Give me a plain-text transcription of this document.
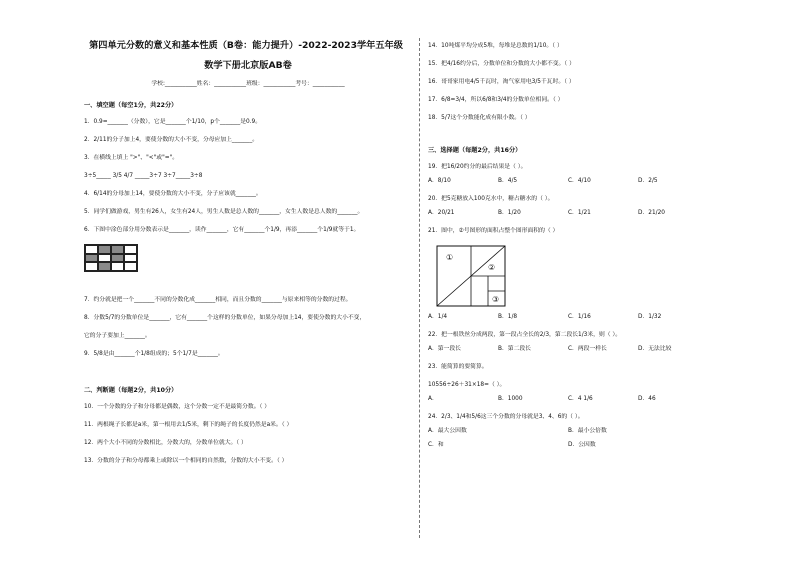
第四单元分数的意义和基本性质（B卷：能力提升）-2022-2023学年五年级
数学下册北京版AB卷
学校:___________姓名：___________班级：___________考号：___________
一、填空题（每空1分，共22分）
1．0.9=_______（分数），它是_______个1/10，p个_______是0.9。
2．2/11的分子加上4，要使分数的大小不变，分母应加上_______。
3．在横线上填上 ">"、"<"或"="。
3÷5_____ 3/5 4/7 _____3÷7 3÷7_____3÷8
4．6/14的分母加上14，要使分数的大小不变，分子应该就_______。
5．同学们做游戏，男生有26人，女生有24人，男生人数是总人数的_______，女生人数是总人数的_______。
6．下图中涂色部分用分数表示是_______，读作_______，它有_______个1/9，再添_______个1/9就等于1。
7．约分就是把一个_______不同的分数化成_______相同，而且分数的_______与原来相等的分数的过程。
8．分数5/7的分数单位是_______，它有_______个这样的分数单位，如果分母加上14，要使分数的大小不变，
它的分子要加上_______。
9．5/8是由_______个1/8组成的；5个1/7是_______。
二、判断题（每题2分，共10分）
10．一个分数的分子和分母都是偶数，这个分数一定不是最简分数。（ ）
11．两根绳子长都是a米，第一根用去1/5米，剩下的绳子的长度仍然是a米。（ ）
12．两个大小不同的分数相比，分数大的，分数单位就大。（ ）
13．分数的分子和分母都乘上或除以一个相同的自然数，分数的大小不变。（ ）
14．10吨煤平均分成5堆，每堆是总数的1/10。（ ）
15．把4/16约分后，分数单位和分数的大小都不变。（ ）
16．哥哥家用电4/5千瓦时，淘气家用电3/5千瓦时。（ ）
17．6/8=3/4，所以6/8和3/4的分数单位相同。（ ）
18．5/7这个分数能化成有限小数。（ ）
三、选择题（每题2分，共16分）
19．把16/20约分的最后结果是（ ）。
A．8/10	B．4/5	C．4/10	D．2/5
20．把5克糖放入100克水中，糖占糖水的（ ）。
A．20/21	B．1/20	C．1/21	D．21/20
21．图中，②号图形的面积占整个图形面积的（ ）
①
②
③
A．1/4	B．1/8	C．1/16	D．1/32
22．把一根铁丝分成两段，第一段占全长的2/3，第二段长1/3米，则（ ）。
A．第一段长	B．第二段长	C．两段一样长	D．无法比较
23．能简算的要简算。
10556÷26＋31×18=（ ）。
A．	B．1000	C．4 1/6	D．46
24．2/3、1/4和5/6这三个分数的分母就是3、4、6的（ ）。
A．最大公因数	B．最小公倍数
C．和	D．公因数
